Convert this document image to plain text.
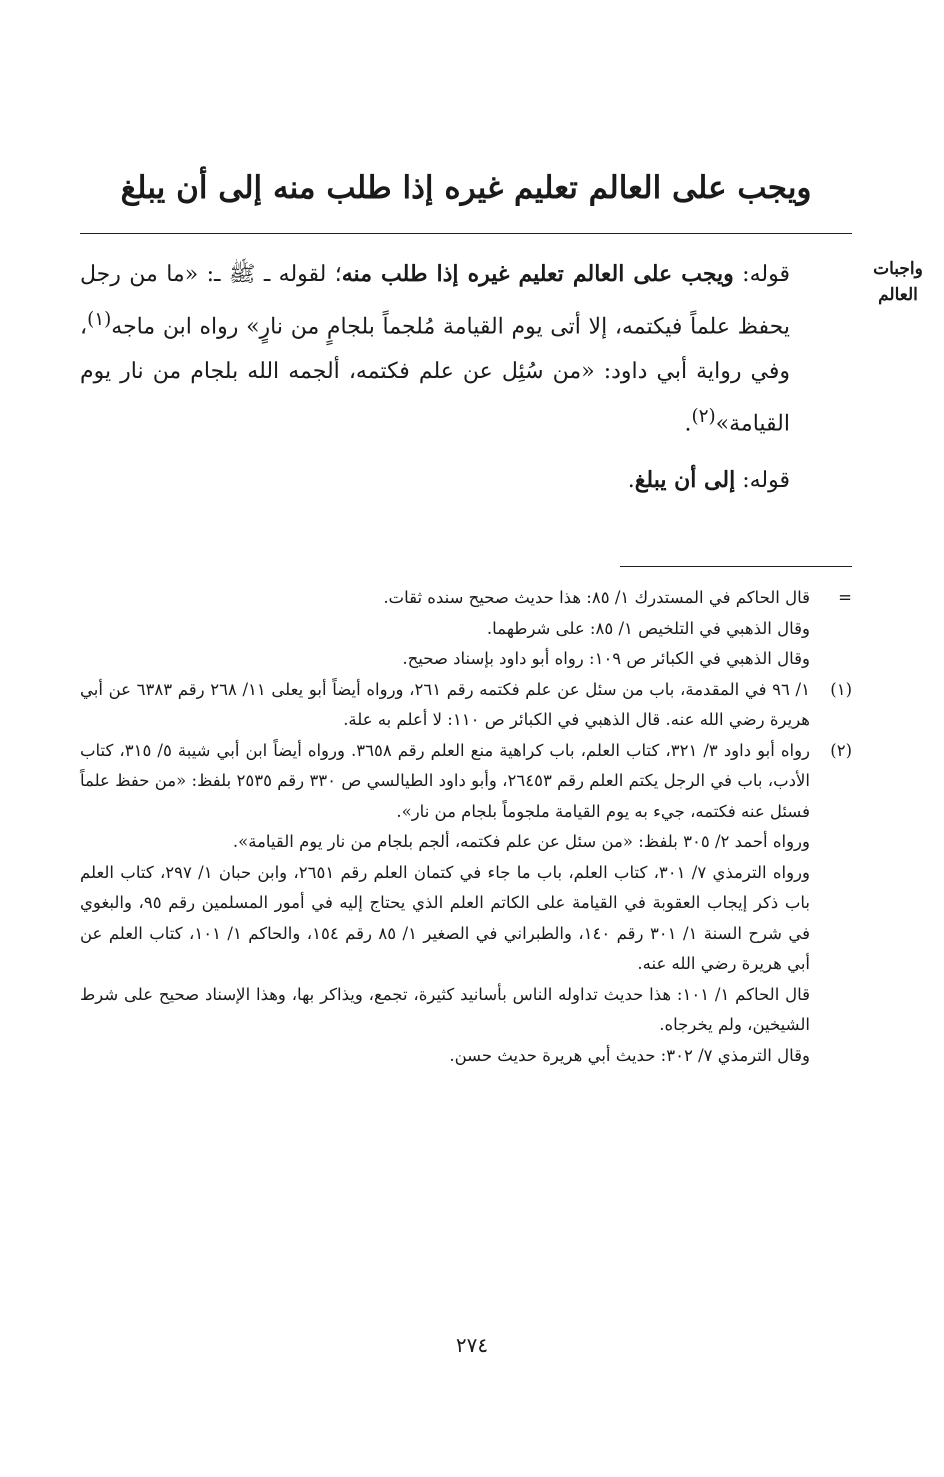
ويجب على العالم تعليم غيره إذا طلب منه إلى أن يبلغ
واجبات
العالم

قوله: ويجب على العالم تعليم غيره إذا طلب منه؛ لقوله ـ ﷺ ـ: «ما من رجل يحفظ علماً فيكتمه، إلا أتى يوم القيامة مُلجماً بلجامٍ من نارٍ» رواه ابن ماجه$^{(١)}$، وفي رواية أبي داود: «من سُئِل عن علم فكتمه، ألجمه الله بلجام من نار يوم القيامة»$^{(٢)}$.

قوله: إلى أن يبلغ.

=

قال الحاكم في المستدرك ١/ ٨٥: هذا حديث صحيح سنده ثقات.

وقال الذهبي في التلخيص ١/ ٨٥: على شرطهما.

وقال الذهبي في الكبائر ص ١٠٩: رواه أبو داود بإسناد صحيح.

(١)

١/ ٩٦ في المقدمة، باب من سئل عن علم فكتمه رقم ٢٦١، ورواه أيضاً أبو يعلى ١١/ ٢٦٨ رقم ٦٣٨٣ عن أبي هريرة رضي الله عنه. قال الذهبي في الكبائر ص ١١٠: لا أعلم به علة.

(٢)

رواه أبو داود ٣/ ٣٢١، كتاب العلم، باب كراهية منع العلم رقم ٣٦٥٨. ورواه أيضاً ابن أبي شيبة ٥/ ٣١٥، كتاب الأدب، باب في الرجل يكتم العلم رقم ٢٦٤٥٣، وأبو داود الطيالسي ص ٣٣٠ رقم ٢٥٣٥ بلفظ: «من حفظ علماً فسئل عنه فكتمه، جيء به يوم القيامة ملجوماً بلجام من نار».

ورواه أحمد ٢/ ٣٠٥ بلفظ: «من سئل عن علم فكتمه، ألجم بلجام من نار يوم القيامة».

ورواه الترمذي ٧/ ٣٠١، كتاب العلم، باب ما جاء في كتمان العلم رقم ٢٦٥١، وابن حبان ١/ ٢٩٧، كتاب العلم باب ذكر إيجاب العقوبة في القيامة على الكاتم العلم الذي يحتاج إليه في أمور المسلمين رقم ٩٥، والبغوي في شرح السنة ١/ ٣٠١ رقم ١٤٠، والطبراني في الصغير ١/ ٨٥ رقم ١٥٤، والحاكم ١/ ١٠١، كتاب العلم عن أبي هريرة رضي الله عنه.

قال الحاكم ١/ ١٠١: هذا حديث تداوله الناس بأسانيد كثيرة، تجمع، ويذاكر بها، وهذا الإسناد صحيح على شرط الشيخين، ولم يخرجاه.

وقال الترمذي ٧/ ٣٠٢: حديث أبي هريرة حديث حسن.

٢٧٤
